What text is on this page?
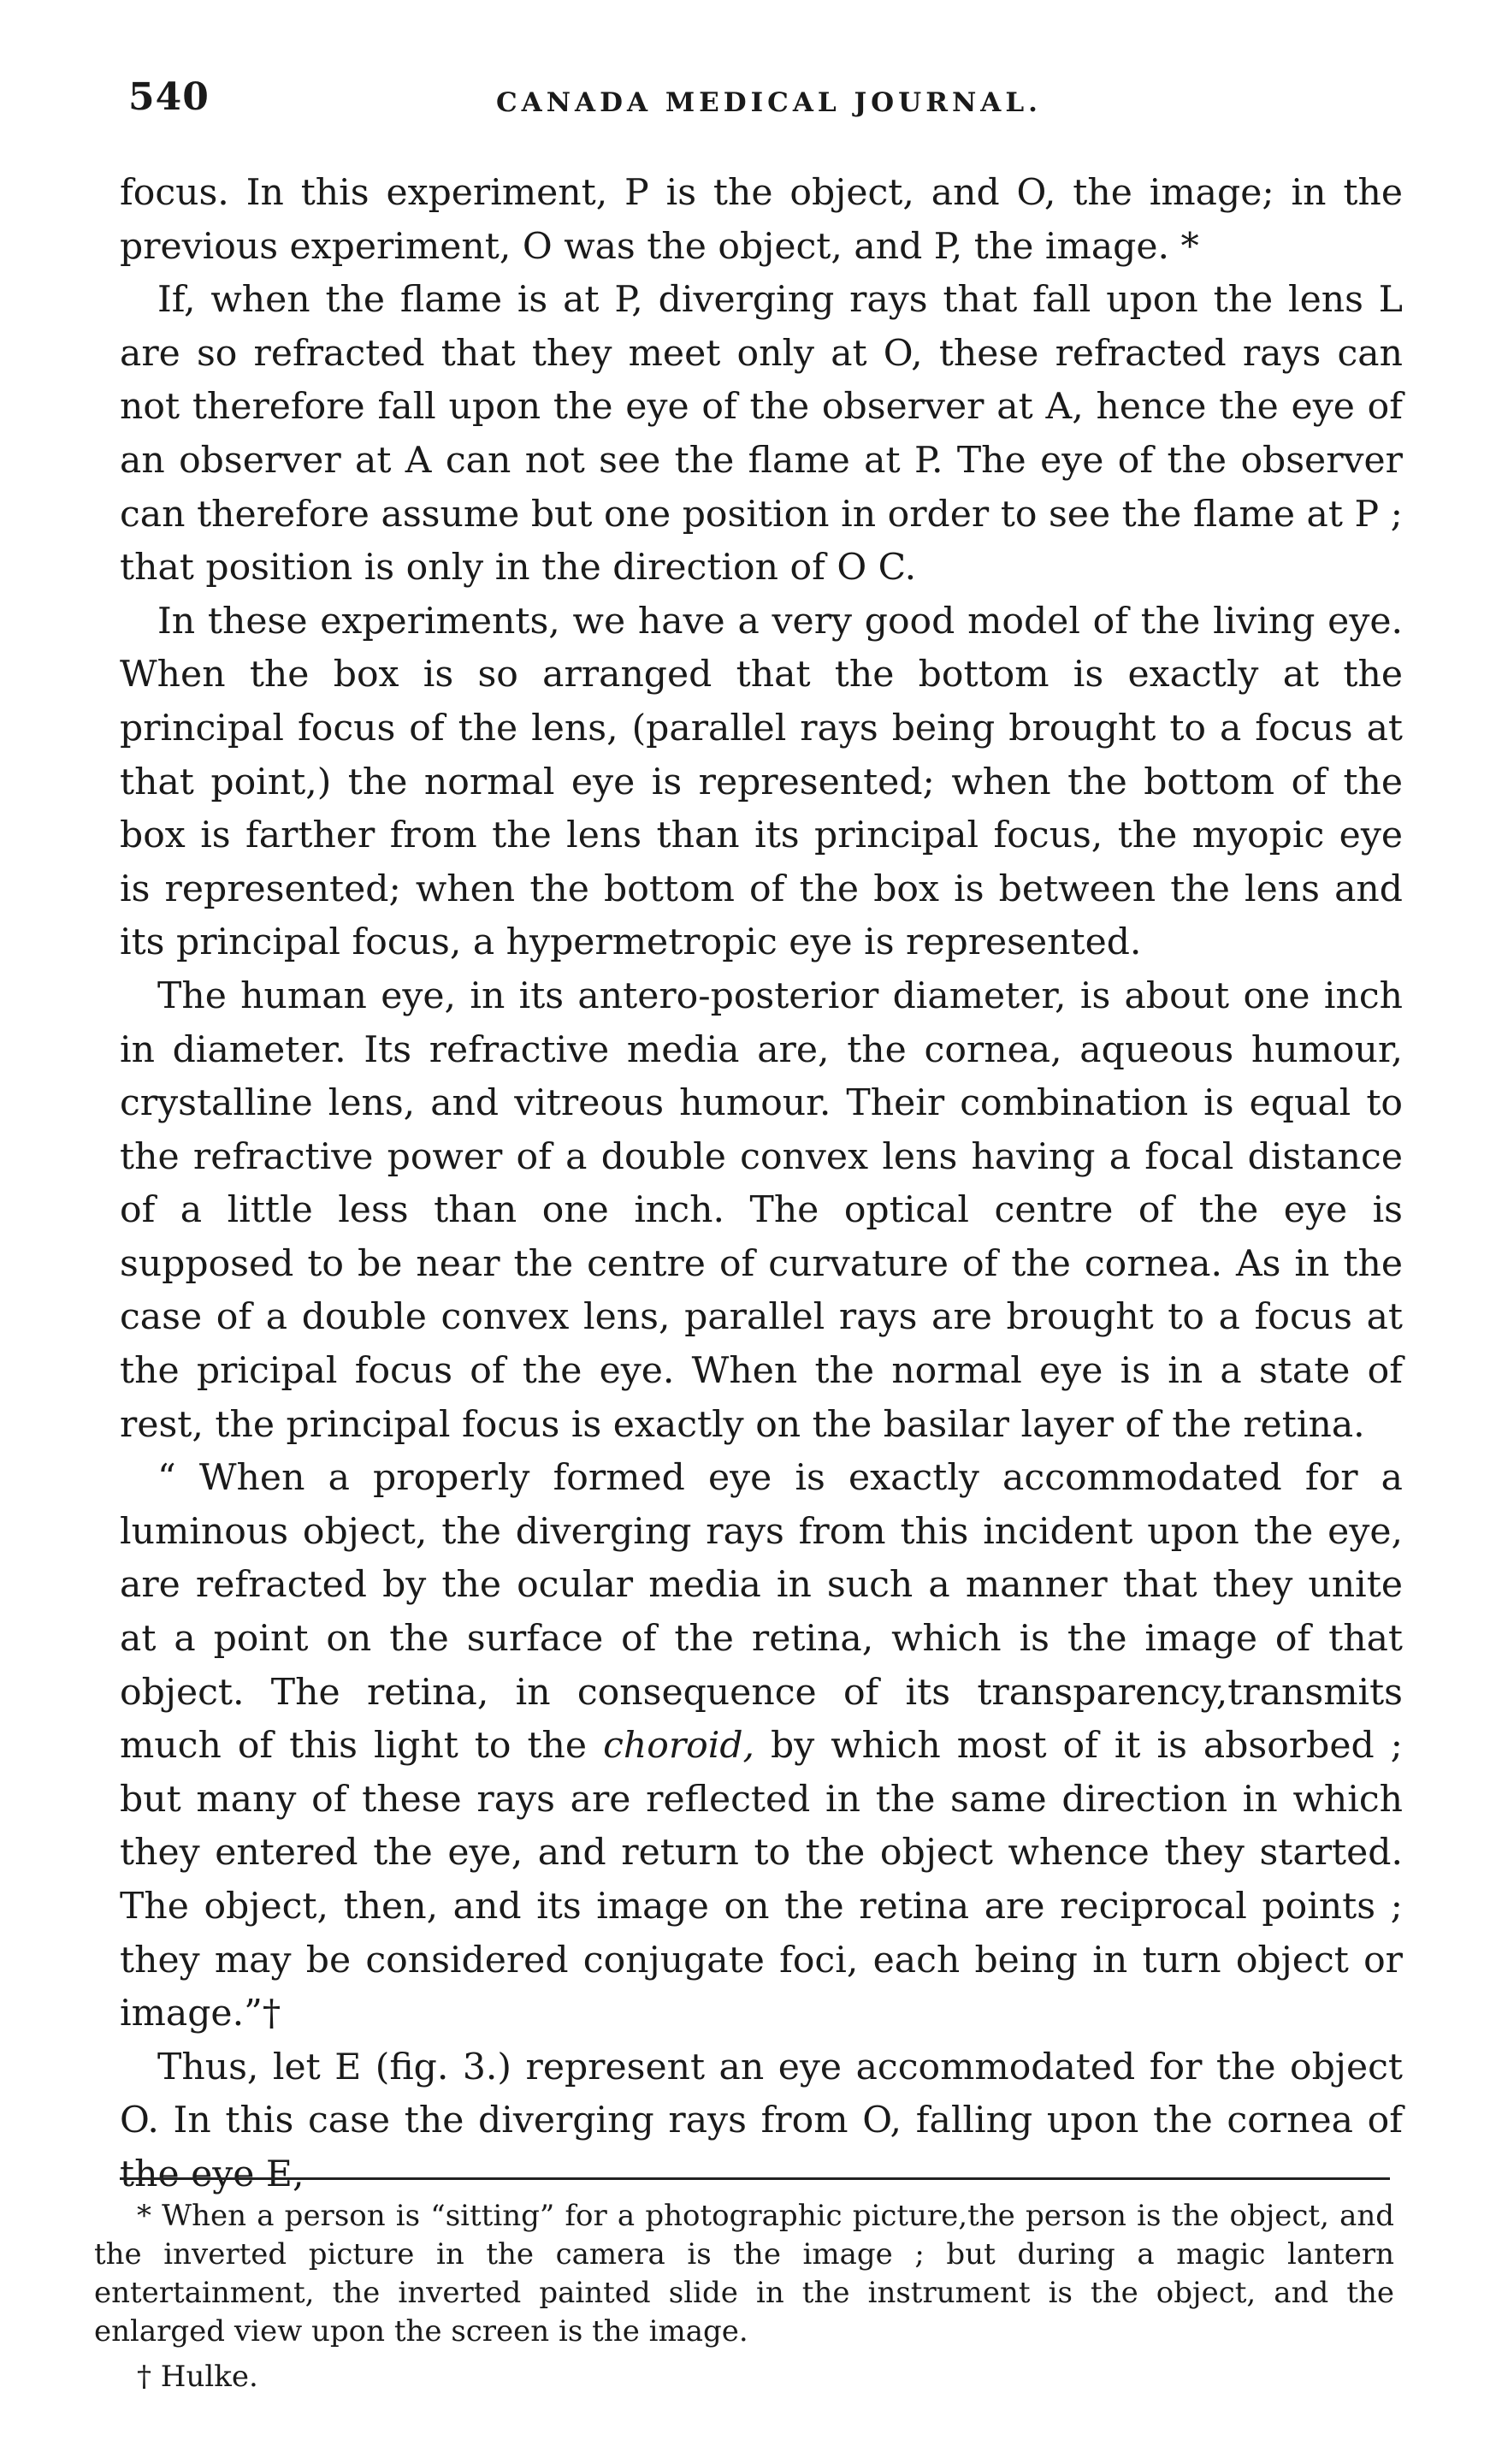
540	CANADA MEDICAL JOURNAL.

focus. In this experiment, P is the object, and O, the image; in the previous experiment, O was the object, and P, the image. *

If, when the flame is at P, diverging rays that fall upon the lens L are so refracted that they meet only at O, these refracted rays can not therefore fall upon the eye of the observer at A, hence the eye of an observer at A can not see the flame at P. The eye of the observer can therefore assume but one position in order to see the flame at P ; that position is only in the direction of O C.

In these experiments, we have a very good model of the living eye. When the box is so arranged that the bottom is exactly at the principal focus of the lens, (parallel rays being brought to a focus at that point,) the normal eye is represented; when the bottom of the box is farther from the lens than its principal focus, the myopic eye is represented; when the bottom of the box is between the lens and its principal focus, a hypermetropic eye is represented.

The human eye, in its antero-posterior diameter, is about one inch in diameter. Its refractive media are, the cornea, aqueous humour, crystalline lens, and vitreous humour. Their combination is equal to the refractive power of a double convex lens having a focal distance of a little less than one inch. The optical centre of the eye is supposed to be near the centre of curvature of the cornea. As in the case of a double convex lens, parallel rays are brought to a focus at the pricipal focus of the eye. When the normal eye is in a state of rest, the principal focus is exactly on the basilar layer of the retina.

“ When a properly formed eye is exactly accommodated for a luminous object, the diverging rays from this incident upon the eye, are refracted by the ocular media in such a manner that they unite at a point on the surface of the retina, which is the image of that object. The retina, in consequence of its transparency,transmits much of this light to the choroid, by which most of it is absorbed ; but many of these rays are reflected in the same direction in which they entered the eye, and return to the object whence they started. The object, then, and its image on the retina are reciprocal points ; they may be considered conjugate foci, each being in turn object or image.”†

Thus, let E (fig. 3.) represent an eye accommodated for the object O. In this case the diverging rays from O, falling upon the cornea of the eye E,

* When a person is “sitting” for a photographic picture,the person is the object, and the inverted picture in the camera is the image ; but during a magic lantern entertainment, the inverted painted slide in the instrument is the object, and the enlarged view upon the screen is the image.

† Hulke.
